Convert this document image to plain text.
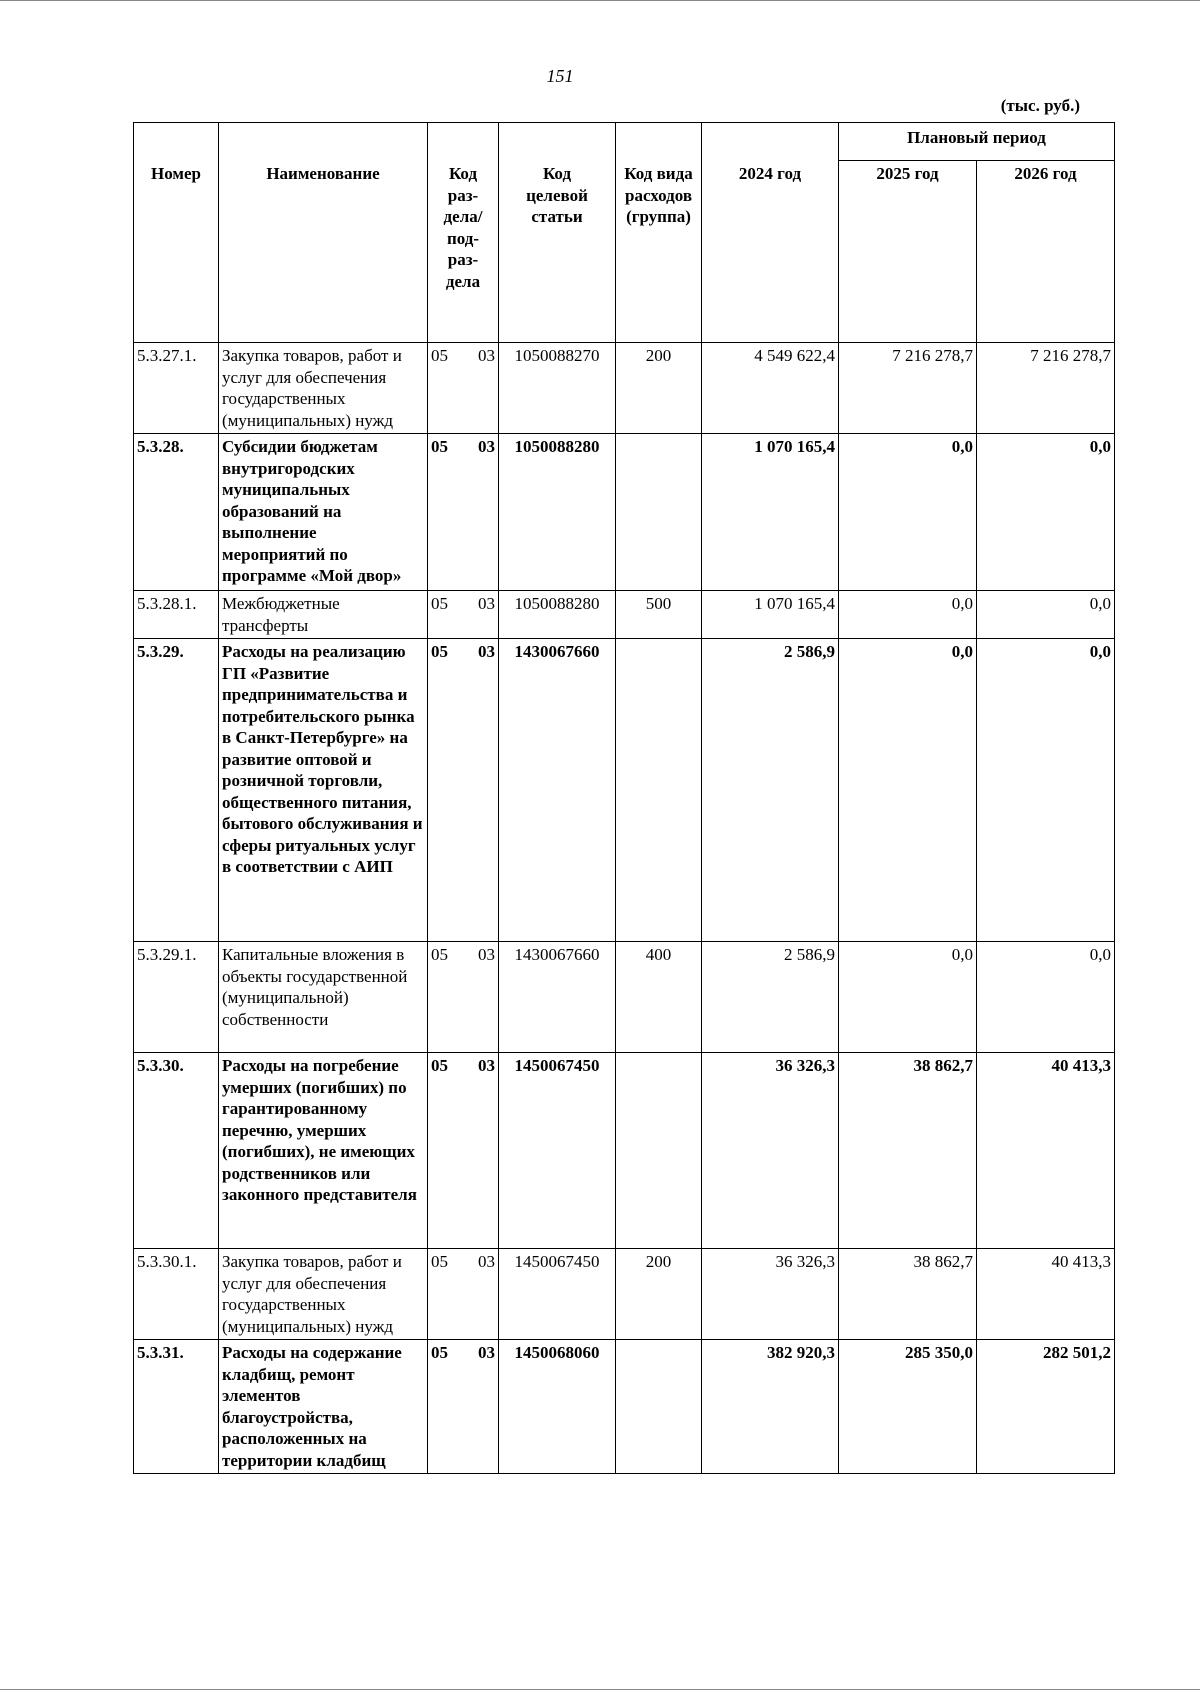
151
(тыс. руб.)
Номер	Наименование	Код раз-дела/ под-раз-дела	Код целевой статьи	Код вида расходов (группа)	2024 год	Плановый период	
						2025 год	2026 год
5.3.27.1.	Закупка товаров, работ и услуг для обеспечения государственных (муниципальных) нужд	05 03	1050088270	200	4 549 622,4	7 216 278,7	7 216 278,7
5.3.28.	Субсидии бюджетам внутригородских муниципальных образований на выполнение мероприятий по программе «Мой двор»	05 03	1050088280		1 070 165,4	0,0	0,0
5.3.28.1.	Межбюджетные трансферты	05 03	1050088280	500	1 070 165,4	0,0	0,0
5.3.29.	Расходы на реализацию ГП «Развитие предпринимательства и потребительского рынка в Санкт-Петербурге» на развитие оптовой и розничной торговли, общественного питания, бытового обслуживания и сферы ритуальных услуг в соответствии с АИП	05 03	1430067660		2 586,9	0,0	0,0
5.3.29.1.	Капитальные вложения в объекты государственной (муниципальной) собственности	05 03	1430067660	400	2 586,9	0,0	0,0
5.3.30.	Расходы на погребение умерших (погибших) по гарантированному перечню, умерших (погибших), не имеющих родственников или законного представителя	05 03	1450067450		36 326,3	38 862,7	40 413,3
5.3.30.1.	Закупка товаров, работ и услуг для обеспечения государственных (муниципальных) нужд	05 03	1450067450	200	36 326,3	38 862,7	40 413,3
5.3.31.	Расходы на содержание кладбищ, ремонт элементов благоустройства, расположенных на территории кладбищ	05 03	1450068060		382 920,3	285 350,0	282 501,2
